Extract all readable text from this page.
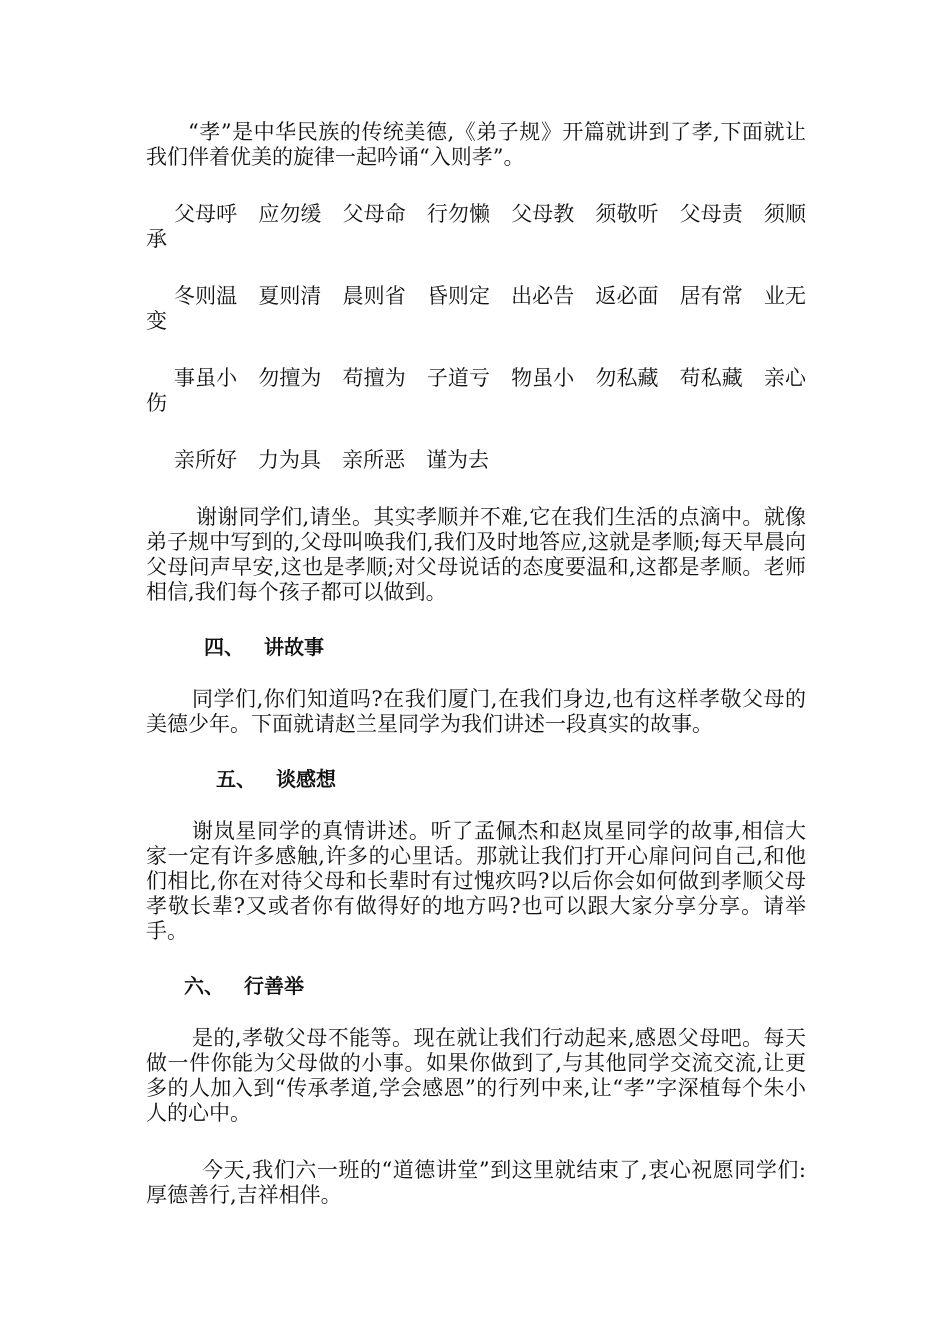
“孝”是中华民族的传统美德,《弟子规》开篇就讲到了孝,下面就让我们伴着优美的旋律一起吟诵“入则孝”。

父母呼　应勿缓　父母命　行勿懒　父母教　须敬听　父母责　须顺承

冬则温　夏则清　晨则省　昏则定　出必告　返必面　居有常　业无变

事虽小　勿擅为　苟擅为　子道亏　物虽小　勿私藏　苟私藏　亲心伤

亲所好　力为具　亲所恶　谨为去

谢谢同学们,请坐。其实孝顺并不难,它在我们生活的点滴中。就像弟子规中写到的,父母叫唤我们,我们及时地答应,这就是孝顺;每天早晨向父母问声早安,这也是孝顺;对父母说话的态度要温和,这都是孝顺。老师相信,我们每个孩子都可以做到。

四、 讲故事

同学们,你们知道吗?在我们厦门,在我们身边,也有这样孝敬父母的美德少年。下面就请赵兰星同学为我们讲述一段真实的故事。

五、 谈感想

谢岚星同学的真情讲述。听了孟佩杰和赵岚星同学的故事,相信大家一定有许多感触,许多的心里话。那就让我们打开心扉问问自己,和他们相比,你在对待父母和长辈时有过愧疚吗?以后你会如何做到孝顺父母孝敬长辈?又或者你有做得好的地方吗?也可以跟大家分享分享。请举手。

六、 行善举

是的,孝敬父母不能等。现在就让我们行动起来,感恩父母吧。每天做一件你能为父母做的小事。如果你做到了,与其他同学交流交流,让更多的人加入到“传承孝道,学会感恩”的行列中来,让“孝”字深植每个朱小人的心中。

今天,我们六一班的“道德讲堂”到这里就结束了,衷心祝愿同学们:厚德善行,吉祥相伴。
